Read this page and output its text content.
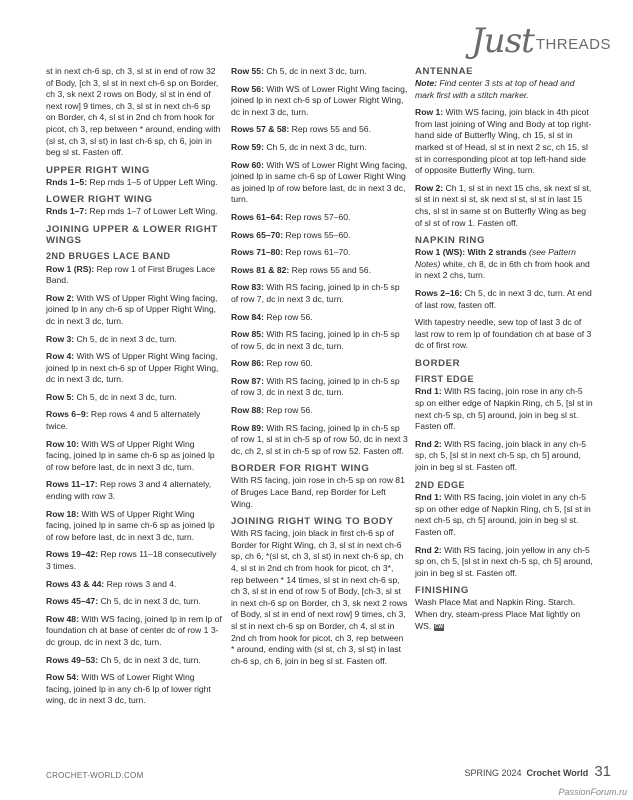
Just THREADS

st in next ch-6 sp, ch 3, sl st in end of row 32 of Body, [ch 3, sl st in next ch-6 sp on Border, ch 3, sk next 2 rows on Body, sl st in end of next row] 9 times, ch 3, sl st in next ch-6 sp on Border, ch 4, sl st in 2nd ch from hook for picot, ch 3, rep between * around, ending with (sl st, ch 3, sl st) in last ch-6 sp, ch 6, join in beg sl st. Fasten off.

UPPER RIGHT WING

Rnds 1–5: Rep rnds 1–5 of Upper Left Wing.

LOWER RIGHT WING

Rnds 1–7: Rep rnds 1–7 of Lower Left Wing.

JOINING UPPER & LOWER RIGHT WINGS
2ND BRUGES LACE BAND

Row 1 (RS): Rep row 1 of First Bruges Lace Band.

Row 2: With WS of Upper Right Wing facing, joined lp in any ch-6 sp of Upper Right Wing, dc in next 3 dc, turn.

Row 3: Ch 5, dc in next 3 dc, turn.

Row 4: With WS of Upper Right Wing facing, joined lp in next ch-6 sp of Upper Right Wing, dc in next 3 dc, turn.

Row 5: Ch 5, dc in next 3 dc, turn.

Rows 6–9: Rep rows 4 and 5 alternately twice.

Row 10: With WS of Upper Right Wing facing, joined lp in same ch-6 sp as joined lp of row before last, dc in next 3 dc, turn.

Rows 11–17: Rep rows 3 and 4 alternately, ending with row 3.

Row 18: With WS of Upper Right Wing facing, joined lp in same ch-6 sp as joined lp of row before last, dc in next 3 dc, turn.

Rows 19–42: Rep rows 11–18 consecutively 3 times.

Rows 43 & 44: Rep rows 3 and 4.

Rows 45–47: Ch 5, dc in next 3 dc, turn.

Row 48: With WS facing, joined lp in rem lp of foundation ch at base of center dc of row 1 3-dc group, dc in next 3 dc, turn.

Rows 49–53: Ch 5, dc in next 3 dc, turn.

Row 54: With WS of Lower Right Wing facing, joined lp in any ch-6 lp of lower right wing, dc in next 3 dc, turn.

Row 55: Ch 5, dc in next 3 dc, turn.

Row 56: With WS of Lower Right Wing facing, joined lp in next ch-6 sp of Lower Right Wing, dc in next 3 dc, turn.

Rows 57 & 58: Rep rows 55 and 56.

Row 59: Ch 5, dc in next 3 dc, turn.

Row 60: With WS of Lower Right Wing facing, joined lp in same ch-6 sp of Lower Right Wing as joined lp of row before last, dc in next 3 dc, turn.

Rows 61–64: Rep rows 57–60.

Rows 65–70: Rep rows 55–60.

Rows 71–80: Rep rows 61–70.

Rows 81 & 82: Rep rows 55 and 56.

Row 83: With RS facing, joined lp in ch-5 sp of row 7, dc in next 3 dc, turn.

Row 84: Rep row 56.

Row 85: With RS facing, joined lp in ch-5 sp of row 5, dc in next 3 dc, turn.

Row 86: Rep row 60.

Row 87: With RS facing, joined lp in ch-5 sp of row 3, dc in next 3 dc, turn.

Row 88: Rep row 56.

Row 89: With RS facing, joined lp in ch-5 sp of row 1, sl st in ch-5 sp of row 50, dc in next 3 dc, ch 2, sl st in ch-5 sp of row 52. Fasten off.

BORDER FOR RIGHT WING

With RS facing, join rose in ch-5 sp on row 81 of Bruges Lace Band, rep Border for Left Wing.

JOINING RIGHT WING TO BODY

With RS facing, join black in first ch-6 sp of Border for Right Wing, ch 3, sl st in next ch-6 sp, ch 6, *(sl st, ch 3, sl st) in next ch-6 sp, ch 4, sl st in 2nd ch from hook for picot, ch 3*, rep between * 14 times, sl st in next ch-6 sp, ch 3, sl st in end of row 5 of Body, [ch-3, sl st in next ch-6 sp on Border, ch 3, sk next 2 rows of Body, sl st in end of next row] 9 times, ch 3, sl st in next ch-6 sp on Border, ch 4, sl st in 2nd ch from hook for picot, ch 3, rep between * around, ending with (sl st, ch 3, sl st) in last ch-6 sp, ch 6, join in beg sl st. Fasten off.

ANTENNAE

Note: Find center 3 sts at top of head and mark first with a stitch marker.

Row 1: With WS facing, join black in 4th picot from last joining of Wing and Body at top right-hand side of Butterfly Wing, ch 15, sl st in marked st of Head, sl st in next 2 sc, ch 15, sl st in corresponding picot at top left-hand side of opposite Butterfly Wing, turn.

Row 2: Ch 1, sl st in next 15 chs, sk next sl st, sl st in next sl st, sk next sl st, sl st in last 15 chs, sl st in same st on Butterfly Wing as beg of sl st of row 1. Fasten off.

NAPKIN RING

Row 1 (WS): With 2 strands (see Pattern Notes) white, ch 8, dc in 6th ch from hook and in next 2 chs, turn.

Rows 2–16: Ch 5, dc in next 3 dc, turn. At end of last row, fasten off.

With tapestry needle, sew top of last 3 dc of last row to rem lp of foundation ch at base of 3 dc of first row.

BORDER
FIRST EDGE

Rnd 1: With RS facing, join rose in any ch-5 sp on either edge of Napkin Ring, ch 5, [sl st in next ch-5 sp, ch 5] around, join in beg sl st. Fasten off.

Rnd 2: With RS facing, join black in any ch-5 sp, ch 5, [sl st in next ch-5 sp, ch 5] around, join in beg sl st. Fasten off.

2ND EDGE

Rnd 1: With RS facing, join violet in any ch-5 sp on other edge of Napkin Ring, ch 5, [sl st in next ch-5 sp, ch 5] around, join in beg sl st. Fasten off.

Rnd 2: With RS facing, join yellow in any ch-5 sp on, ch 5, [sl st in next ch-5 sp, ch 5] around, join in beg sl st. Fasten off.

FINISHING

Wash Place Mat and Napkin Ring. Starch. When dry, steam-press Place Mat lightly on WS. CW

CROCHET-WORLD.COM	SPRING 2024 Crochet World 31
PassionForum.ru
